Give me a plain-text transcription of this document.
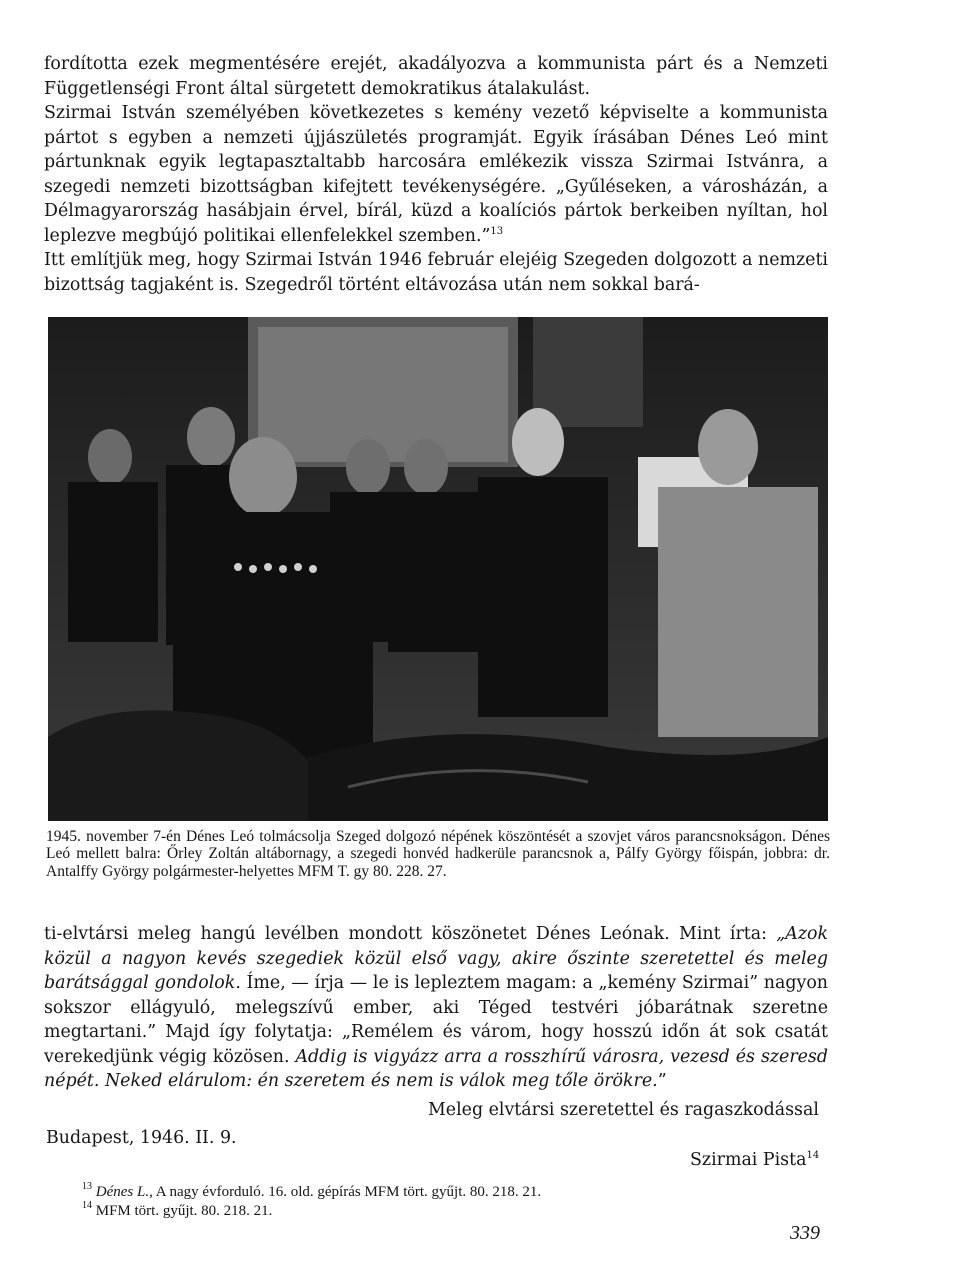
fordította ezek megmentésére erejét, akadályozva a kommunista párt és a Nemzeti Függetlenségi Front által sürgetett demokratikus átalakulást.

Szirmai István személyében következetes s kemény vezető képviselte a kommunista pártot s egyben a nemzeti újjászületés programját. Egyik írásában Dénes Leó mint pártunknak egyik legtapasztaltabb harcosára emlékezik vissza Szirmai Istvánra, a szegedi nemzeti bizottságban kifejtett tevékenységére. „Gyűléseken, a városházán, a Délmagyarország hasábjain érvel, bírál, küzd a koalíciós pártok berkeiben nyíltan, hol leplezve megbújó politikai ellenfelekkel szemben.”$^{13}$

Itt említjük meg, hogy Szirmai István 1946 február elejéig Szegeden dolgozott a nemzeti bizottság tagjaként is. Szegedről történt eltávozása után nem sokkal bará-

1945. november 7-én Dénes Leó tolmácsolja Szeged dolgozó népének köszöntését a szovjet város parancsnokságon. Dénes Leó mellett balra: Őrley Zoltán altábornagy, a szegedi honvéd hadkerüle parancsnok a, Pálfy György főispán, jobbra: dr. Antalffy György polgármester-helyettes MFM T. gy 80. 228. 27.

ti-elvtársi meleg hangú levélben mondott köszönetet Dénes Leónak. Mint írta: „Azok közül a nagyon kevés szegediek közül első vagy, akire őszinte szeretettel és meleg barátsággal gondolok. Íme, — írja — le is lepleztem magam: a „kemény Szirmai” nagyon sokszor ellágyuló, melegszívű ember, aki Téged testvéri jóbarátnak szeretne megtartani.” Majd így folytatja: „Remélem és várom, hogy hosszú időn át sok csatát verekedjünk végig közösen. Addig is vigyázz arra a rosszhírű városra, vezesd és szeresd népét. Neked elárulom: én szeretem és nem is válok meg tőle örökre.”

Meleg elvtársi szeretettel és ragaszkodással
Budapest, 1946. II. 9.
Szirmai Pista$^{14}$

$^{13}$ Dénes L., A nagy évforduló. 16. old. gépírás MFM tört. gyűjt. 80. 218. 21.

$^{14}$ MFM tört. gyűjt. 80. 218. 21.

339
